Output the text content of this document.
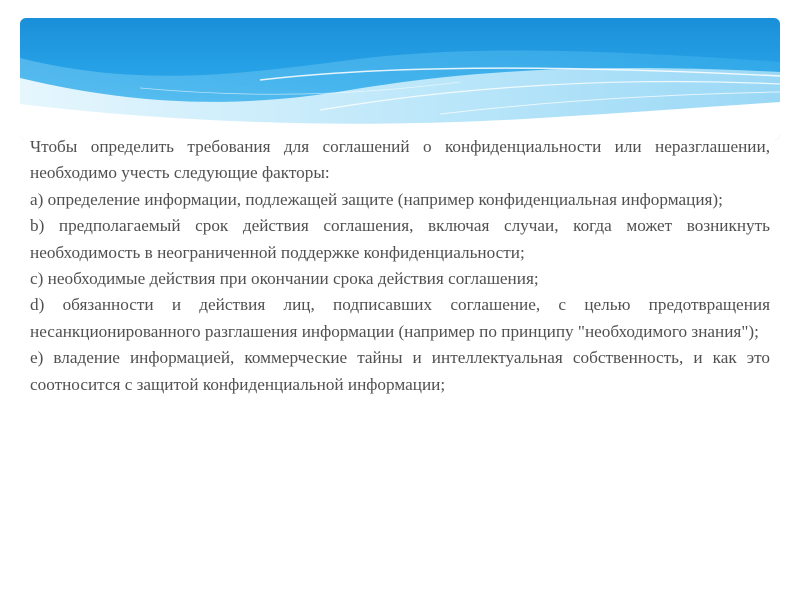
Чтобы определить требования для соглашений о конфиденциальности или неразглашении, необходимо учесть следующие факторы:

a) определение информации, подлежащей защите (например конфиденциальная информация);

b) предполагаемый срок действия соглашения, включая случаи, когда может возникнуть необходимость в неограниченной поддержке конфиденциальности;

c) необходимые действия при окончании срока действия соглашения;

d) обязанности и действия лиц, подписавших соглашение, с целью предотвращения несанкционированного разглашения информации (например по принципу "необходимого знания");

e) владение информацией, коммерческие тайны и интеллектуальная собственность, и как это соотносится с защитой конфиденциальной информации;
